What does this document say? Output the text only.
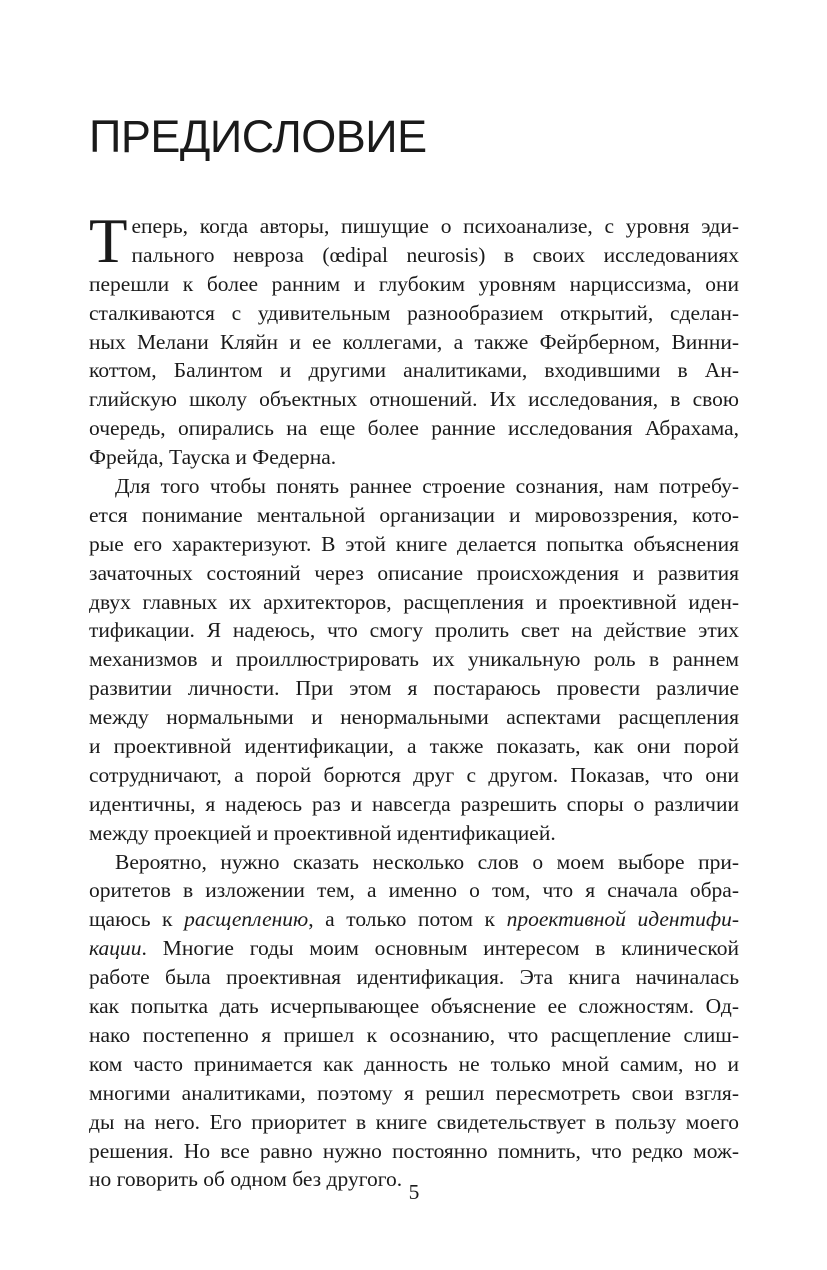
ПРЕДИСЛОВИЕ
Т еперь, когда авторы, пишущие о психоанализе, с уровня эди-
пального невроза (œdipal neurosis) в своих исследованиях
перешли к более ранним и глубоким уровням нарциссизма, они
сталкиваются с удивительным разнообразием открытий, сделан-
ных Мелани Кляйн и ее коллегами, а также Фейрберном, Винни-
коттом, Балинтом и другими аналитиками, входившими в Ан-
глийскую школу объектных отношений. Их исследования, в свою
очередь, опирались на еще более ранние исследования Абрахама,
Фрейда, Тауска и Федерна.
Для того чтобы понять раннее строение сознания, нам потребу-
ется понимание ментальной организации и мировоззрения, кото-
рые его характеризуют. В этой книге делается попытка объяснения
зачаточных состояний через описание происхождения и развития
двух главных их архитекторов, расщепления и проективной иден-
тификации. Я надеюсь, что смогу пролить свет на действие этих
механизмов и проиллюстрировать их уникальную роль в раннем
развитии личности. При этом я постараюсь провести различие
между нормальными и ненормальными аспектами расщепления
и проективной идентификации, а также показать, как они порой
сотрудничают, а порой борются друг с другом. Показав, что они
идентичны, я надеюсь раз и навсегда разрешить споры о различии
между проекцией и проективной идентификацией.
Вероятно, нужно сказать несколько слов о моем выборе при-
оритетов в изложении тем, а именно о том, что я сначала обра-
щаюсь к расщеплению, а только потом к проективной идентифи-
кации. Многие годы моим основным интересом в клинической
работе была проективная идентификация. Эта книга начиналась
как попытка дать исчерпывающее объяснение ее сложностям. Од-
нако постепенно я пришел к осознанию, что расщепление слиш-
ком часто принимается как данность не только мной самим, но и
многими аналитиками, поэтому я решил пересмотреть свои взгля-
ды на него. Его приоритет в книге свидетельствует в пользу моего
решения. Но все равно нужно постоянно помнить, что редко мож-
но говорить об одном без другого.
5
